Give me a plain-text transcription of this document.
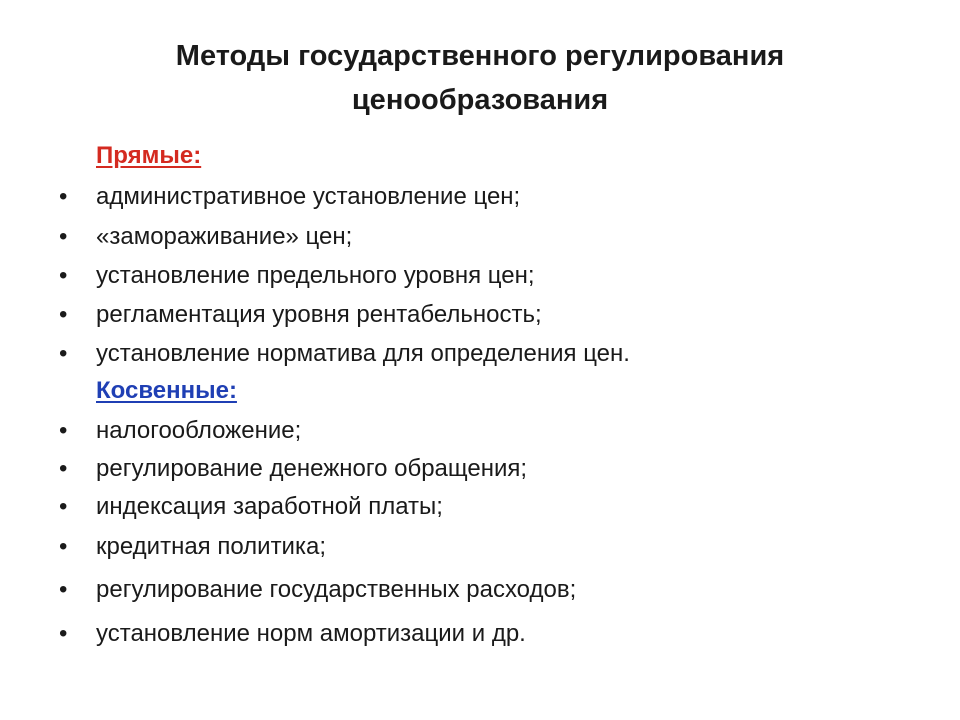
Методы государственного регулирования
ценообразования
Прямые:
• административное установление цен;
• «замораживание» цен;
• установление предельного уровня цен;
• регламентация уровня рентабельность;
• установление норматива для определения цен.
Косвенные:
• налогообложение;
• регулирование денежного обращения;
• индексация заработной платы;
• кредитная политика;
• регулирование государственных расходов;
• установление норм амортизации и др.
